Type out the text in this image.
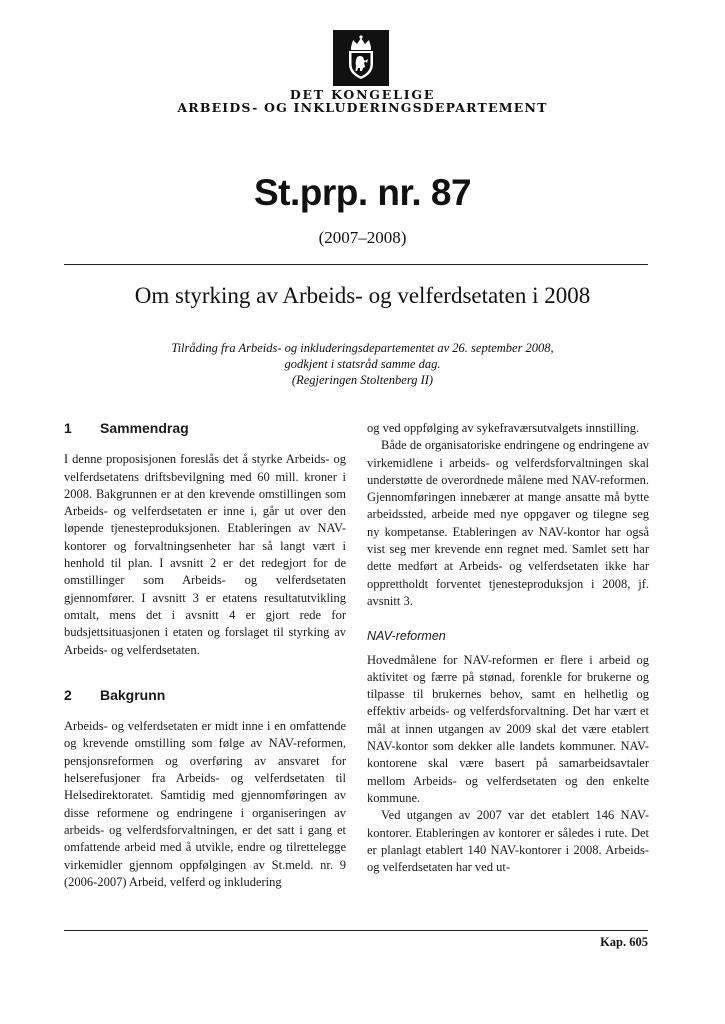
DET KONGELIGE
ARBEIDS- OG INKLUDERINGSDEPARTEMENT
St.prp. nr. 87
(2007–2008)
Om styrking av Arbeids- og velferdsetaten i 2008
Tilråding fra Arbeids- og inkluderingsdepartementet av 26. september 2008,
godkjent i statsråd samme dag.
(Regjeringen Stoltenberg II)
1	Sammendrag

I denne proposisjonen foreslås det å styrke Arbeids- og velferdsetatens driftsbevilgning med 60 mill. kroner i 2008. Bakgrunnen er at den krevende omstillingen som Arbeids- og velferdsetaten er inne i, går ut over den løpende tjenesteproduksjonen. Etableringen av NAV-kontorer og forvaltningsenheter har så langt vært i henhold til plan. I avsnitt 2 er det redegjort for de omstillinger som Arbeids- og velferdsetaten gjennomfører. I avsnitt 3 er etatens resultatutvikling omtalt, mens det i avsnitt 4 er gjort rede for budsjettsituasjonen i etaten og forslaget til styrking av Arbeids- og velferdsetaten.

2	Bakgrunn

Arbeids- og velferdsetaten er midt inne i en omfattende og krevende omstilling som følge av NAV-reformen, pensjonsreformen og overføring av ansvaret for helserefusjoner fra Arbeids- og velferdsetaten til Helsedirektoratet. Samtidig med gjennomføringen av disse reformene og endringene i organiseringen av arbeids- og velferdsforvaltningen, er det satt i gang et omfattende arbeid med å utvikle, endre og tilrettelegge virkemidler gjennom oppfølgingen av St.meld. nr. 9 (2006-2007) Arbeid, velferd og inkludering

og ved oppfølging av sykefraværsutvalgets innstilling.

Både de organisatoriske endringene og endringene av virkemidlene i arbeids- og velferdsforvaltningen skal understøtte de overordnede målene med NAV-reformen. Gjennomføringen innebærer at mange ansatte må bytte arbeidssted, arbeide med nye oppgaver og tilegne seg ny kompetanse. Etableringen av NAV-kontor har også vist seg mer krevende enn regnet med. Samlet sett har dette medført at Arbeids- og velferdsetaten ikke har opprettholdt forventet tjenesteproduksjon i 2008, jf. avsnitt 3.

NAV-reformen

Hovedmålene for NAV-reformen er flere i arbeid og aktivitet og færre på stønad, forenkle for brukerne og tilpasse til brukernes behov, samt en helhetlig og effektiv arbeids- og velferdsforvaltning. Det har vært et mål at innen utgangen av 2009 skal det være etablert NAV-kontor som dekker alle landets kommuner. NAV-kontorene skal være basert på samarbeidsavtaler mellom Arbeids- og velferdsetaten og den enkelte kommune.

Ved utgangen av 2007 var det etablert 146 NAV-kontorer. Etableringen av kontorer er således i rute. Det er planlagt etablert 140 NAV-kontorer i 2008. Arbeids- og velferdsetaten har ved ut-

Kap. 605
